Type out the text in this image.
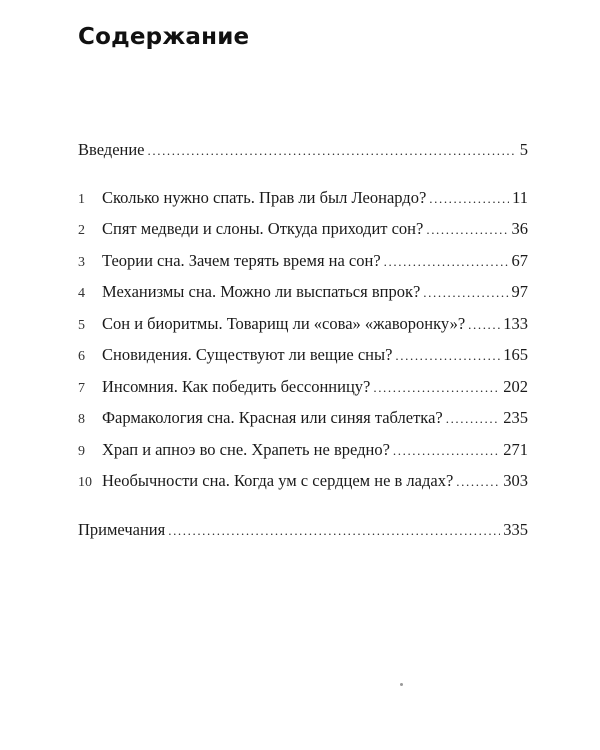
Содержание
Введение .....	5
1	Сколько нужно спать. Прав ли был Леонардо? .....	11
2	Спят медведи и слоны. Откуда приходит сон? .....	36
3	Теории сна. Зачем терять время на сон? .....	67
4	Механизмы сна. Можно ли выспаться впрок? .....	97
5	Сон и биоритмы. Товарищ ли «сова» «жаворонку»? ..... 133
6	Сновидения. Существуют ли вещие сны? .....	165
7	Инсомния. Как победить бессонницу? .....	202
8	Фармакология сна. Красная или синяя таблетка? .....	235
9	Храп и апноэ во сне. Храпеть не вредно? .....	271
10 Необычности сна. Когда ум с сердцем не в ладах? .....	303
Примечания .....	335
